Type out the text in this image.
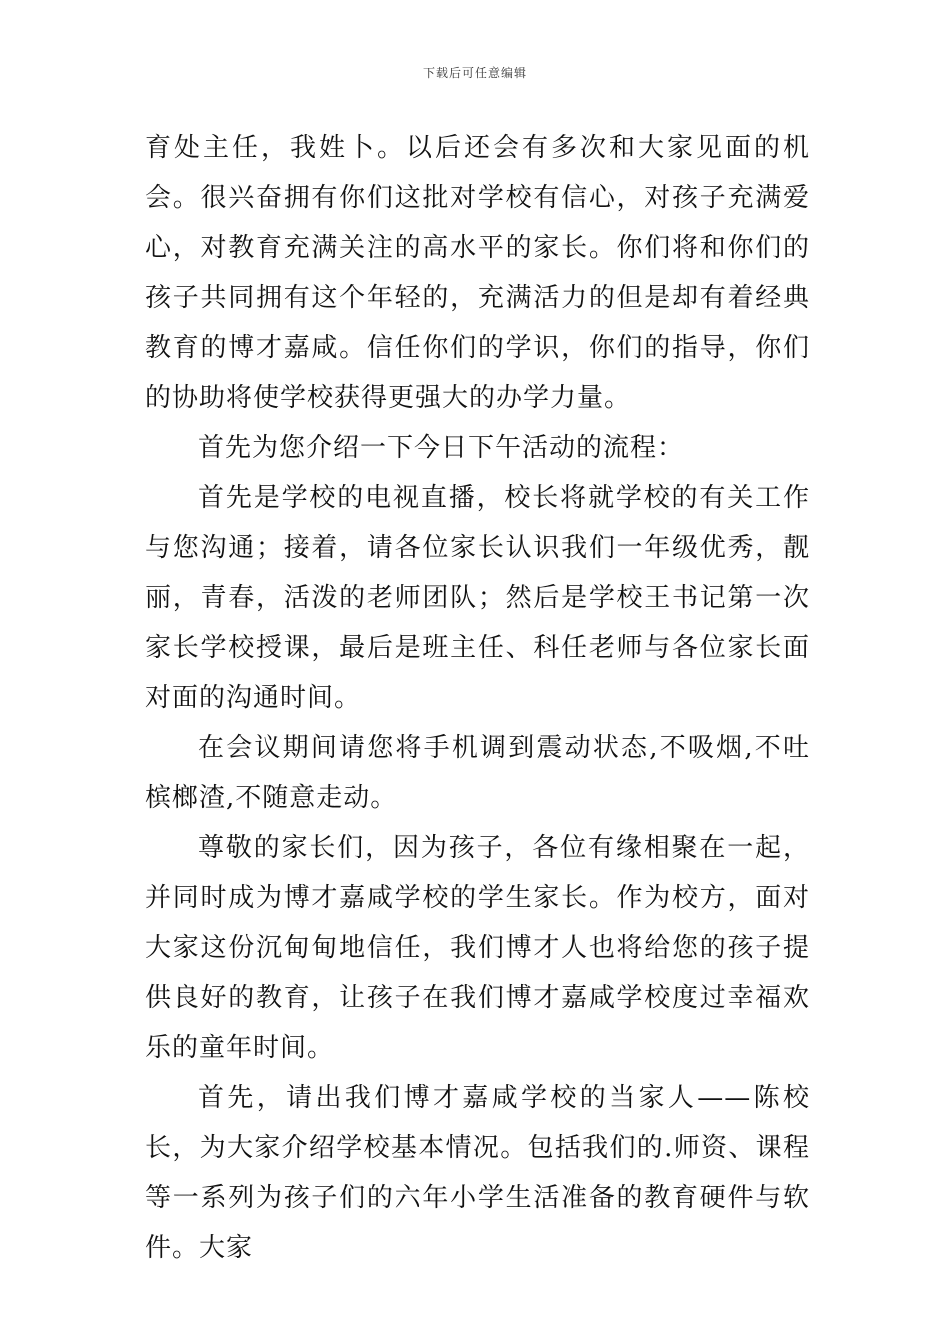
下载后可任意编辑

育处主任，我姓卜。以后还会有多次和大家见面的机会。很兴奋拥有你们这批对学校有信心，对孩子充满爱心，对教育充满关注的高水平的家长。你们将和你们的孩子共同拥有这个年轻的，充满活力的但是却有着经典教育的博才嘉咸。信任你们的学识，你们的指导，你们的协助将使学校获得更强大的办学力量。

首先为您介绍一下今日下午活动的流程：

首先是学校的电视直播，校长将就学校的有关工作与您沟通；接着，请各位家长认识我们一年级优秀，靓丽，青春，活泼的老师团队；然后是学校王书记第一次家长学校授课，最后是班主任、科任老师与各位家长面对面的沟通时间。

在会议期间请您将手机调到震动状态,不吸烟,不吐槟榔渣,不随意走动。

尊敬的家长们，因为孩子，各位有缘相聚在一起，并同时成为博才嘉咸学校的学生家长。作为校方，面对大家这份沉甸甸地信任，我们博才人也将给您的孩子提供良好的教育，让孩子在我们博才嘉咸学校度过幸福欢乐的童年时间。

首先，请出我们博才嘉咸学校的当家人——陈校长，为大家介绍学校基本情况。包括我们的.师资、课程等一系列为孩子们的六年小学生活准备的教育硬件与软件。大家
